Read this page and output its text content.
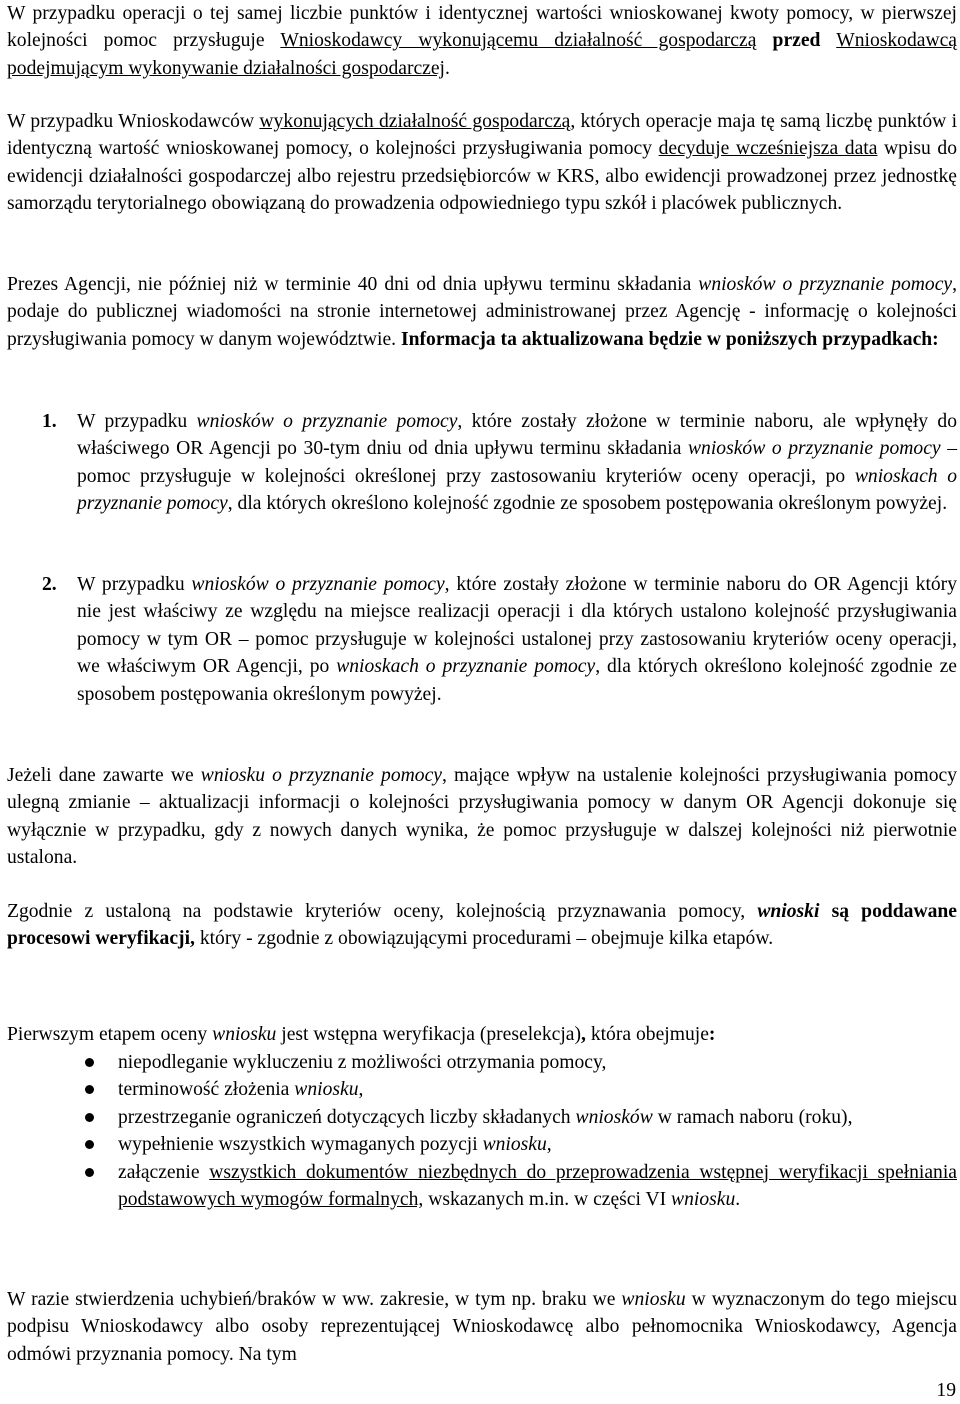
W przypadku operacji o tej samej liczbie punktów i identycznej wartości wnioskowanej kwoty pomocy, w pierwszej kolejności pomoc przysługuje Wnioskodawcy wykonującemu działalność gospodarczą przed Wnioskodawcą podejmującym wykonywanie działalności gospodarczej.

W przypadku Wnioskodawców wykonujących działalność gospodarczą, których operacje maja tę samą liczbę punktów i identyczną wartość wnioskowanej pomocy, o kolejności przysługiwania pomocy decyduje wcześniejsza data wpisu do ewidencji działalności gospodarczej albo rejestru przedsiębiorców w KRS, albo ewidencji prowadzonej przez jednostkę samorządu terytorialnego obowiązaną do prowadzenia odpowiedniego typu szkół i placówek publicznych.

Prezes Agencji, nie później niż w terminie 40 dni od dnia upływu terminu składania wniosków o przyznanie pomocy, podaje do publicznej wiadomości na stronie internetowej administrowanej przez Agencję - informację o kolejności przysługiwania pomocy w danym województwie. Informacja ta aktualizowana będzie w poniższych przypadkach:

1. W przypadku wniosków o przyznanie pomocy, które zostały złożone w terminie naboru, ale wpłynęły do właściwego OR Agencji po 30-tym dniu od dnia upływu terminu składania wniosków o przyznanie pomocy – pomoc przysługuje w kolejności określonej przy zastosowaniu kryteriów oceny operacji, po wnioskach o przyznanie pomocy, dla których określono kolejność zgodnie ze sposobem postępowania określonym powyżej.

2. W przypadku wniosków o przyznanie pomocy, które zostały złożone w terminie naboru do OR Agencji który nie jest właściwy ze względu na miejsce realizacji operacji i dla których ustalono kolejność przysługiwania pomocy w tym OR – pomoc przysługuje w kolejności ustalonej przy zastosowaniu kryteriów oceny operacji, we właściwym OR Agencji, po wnioskach o przyznanie pomocy, dla których określono kolejność zgodnie ze sposobem postępowania określonym powyżej.

Jeżeli dane zawarte we wniosku o przyznanie pomocy, mające wpływ na ustalenie kolejności przysługiwania pomocy ulegną zmianie – aktualizacji informacji o kolejności przysługiwania pomocy w danym OR Agencji dokonuje się wyłącznie w przypadku, gdy z nowych danych wynika, że pomoc przysługuje w dalszej kolejności niż pierwotnie ustalona.

Zgodnie z ustaloną na podstawie kryteriów oceny, kolejnością przyznawania pomocy, wnioski są poddawane procesowi weryfikacji, który - zgodnie z obowiązującymi procedurami – obejmuje kilka etapów.

Pierwszym etapem oceny wniosku jest wstępna weryfikacja (preselekcja), która obejmuje:

niepodleganie wykluczeniu z możliwości otrzymania pomocy,

terminowość złożenia wniosku,

przestrzeganie ograniczeń dotyczących liczby składanych wniosków w ramach naboru (roku),

wypełnienie wszystkich wymaganych pozycji wniosku,

załączenie wszystkich dokumentów niezbędnych do przeprowadzenia wstępnej weryfikacji spełniania podstawowych wymogów formalnych, wskazanych m.in. w części VI wniosku.

W razie stwierdzenia uchybień/braków w ww. zakresie, w tym np. braku we wniosku w wyznaczonym do tego miejscu podpisu Wnioskodawcy albo osoby reprezentującej Wnioskodawcę albo pełnomocnika Wnioskodawcy, Agencja odmówi przyznania pomocy. Na tym

19
